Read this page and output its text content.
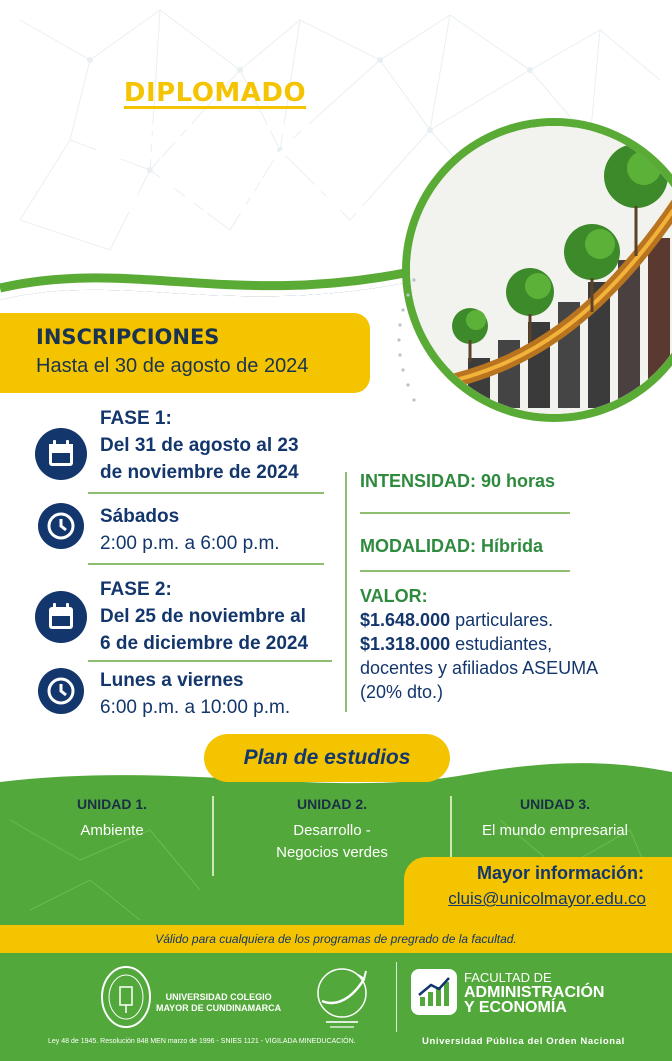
DIPLOMADO
GESTIÓN
AMBIENTAL
INSCRIPCIONES
Hasta el 30 de agosto de 2024
FASE 1:
Del 31 de agosto al 23
de noviembre de 2024
Sábados
2:00 p.m. a 6:00 p.m.
FASE 2:
Del 25 de noviembre al
6 de diciembre de 2024
Lunes a viernes
6:00 p.m. a 10:00 p.m.
INTENSIDAD: 90 horas
MODALIDAD: Híbrida
VALOR:
$1.648.000 particulares.
$1.318.000 estudiantes,
docentes y afiliados ASEUMA
(20% dto.)
Plan de estudios
UNIDAD 1.
Ambiente
UNIDAD 2.
Desarrollo -
Negocios verdes
UNIDAD 3.
El mundo empresarial
Mayor información:
cluis@unicolmayor.edu.co
Válido para cualquiera de los programas de pregrado de la facultad.
UNIVERSIDAD COLEGIO
MAYOR DE CUNDINAMARCA
FACULTAD DE
ADMINISTRACIÓN
Y ECONOMÍA
Ley 48 de 1945. Resolución 848 MEN marzo de 1996 - SNIES 1121 - VIGILADA MINEDUCACIÓN.	Universidad Pública del Orden Nacional
